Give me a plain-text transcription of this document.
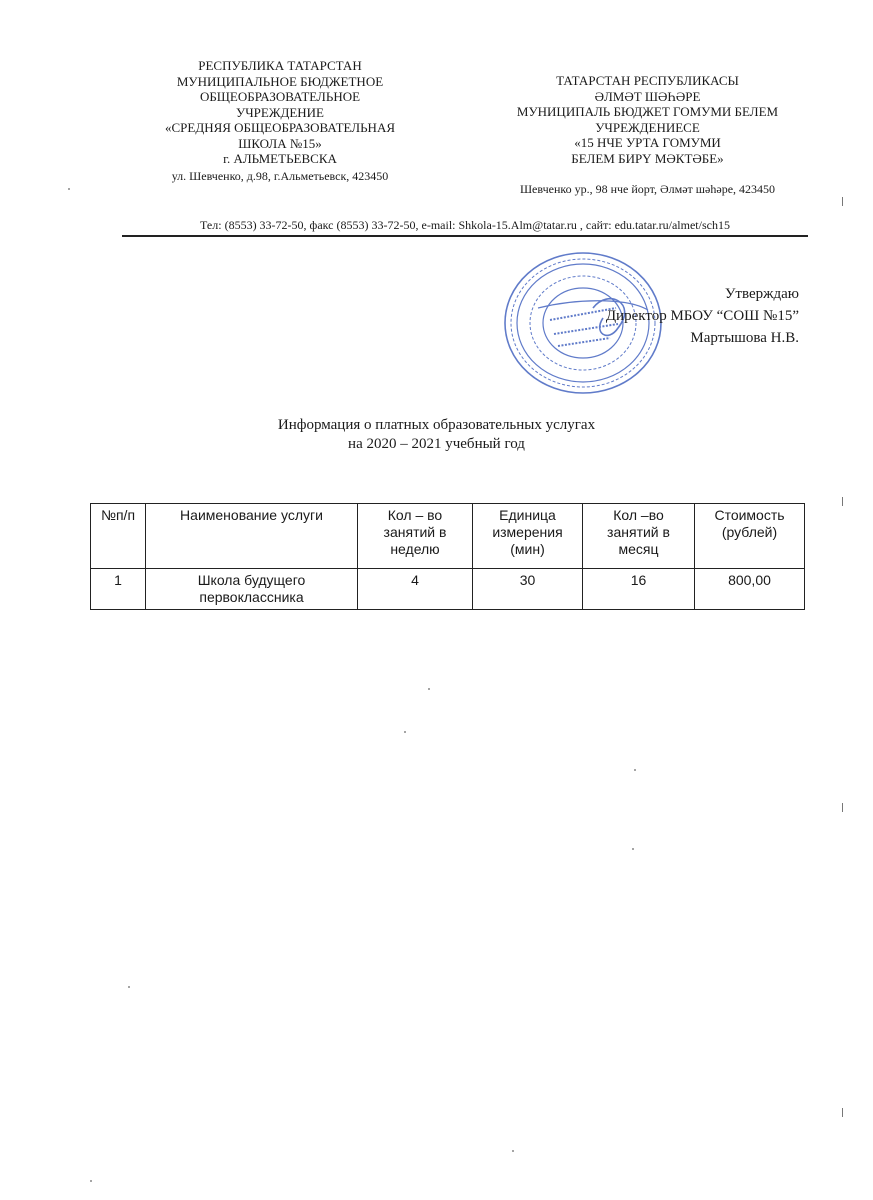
РЕСПУБЛИКА ТАТАРСТАН
МУНИЦИПАЛЬНОЕ БЮДЖЕТНОЕ
ОБЩЕОБРАЗОВАТЕЛЬНОЕ
УЧРЕЖДЕНИЕ
«СРЕДНЯЯ ОБЩЕОБРАЗОВАТЕЛЬНАЯ
ШКОЛА №15»
г. АЛЬМЕТЬЕВСКА
ул. Шевченко, д.98, г.Альметьевск, 423450
ТАТАРСТАН РЕСПУБЛИКАСЫ
ӘЛМӘТ ШӘҺӘРЕ
МУНИЦИПАЛЬ БЮДЖЕТ ГОМУМИ БЕЛЕМ
УЧРЕЖДЕНИЕСЕ
«15 НЧЕ УРТА ГОМУМИ
БЕЛЕМ БИРҮ МӘКТӘБЕ»
Шевченко ур., 98 нче йорт, Әлмәт шәһәре, 423450
Тел: (8553) 33-72-50, факс (8553) 33-72-50, e-mail: Shkola-15.Alm@tatar.ru , сайт: edu.tatar.ru/almet/sch15
Утверждаю
Директор МБОУ “СОШ №15”
Мартышова Н.В.
Информация о платных образовательных услугах
на 2020 – 2021 учебный год
№п/п	Наименование услуги	Кол – во занятий в неделю	Единица измерения (мин)	Кол –во занятий в месяц	Стоимость (рублей)
1	Школа будущего первоклассника	4	30	16	800,00
